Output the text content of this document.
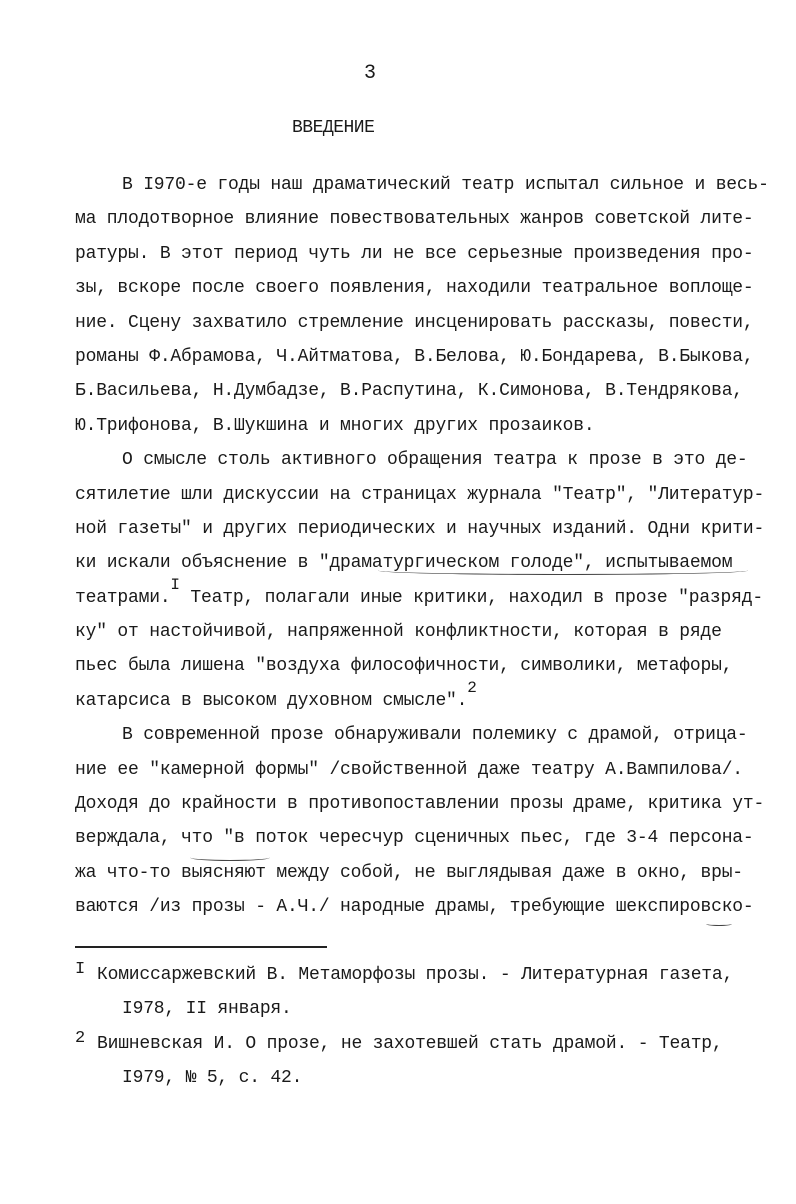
3
ВВЕДЕНИЕ
В I970-е годы наш драматический театр испытал сильное и весь-
ма плодотворное влияние повествовательных жанров советской лите-
ратуры. В этот период чуть ли не все серьезные произведения про-
зы, вскоре после своего появления, находили театральное воплоще-
ние. Сцену захватило стремление инсценировать рассказы, повести,
романы Ф.Абрамова, Ч.Айтматова, В.Белова, Ю.Бондарева, В.Быкова,
Б.Васильева, Н.Думбадзе, В.Распутина, К.Симонова, В.Тендрякова,
Ю.Трифонова, В.Шукшина и многих других прозаиков.
О смысле столь активного обращения театра к прозе в это де-
сятилетие шли дискуссии на страницах журнала "Театр", "Литератур-
ной газеты" и других периодических и научных изданий. Одни крити-
ки искали объяснение в "драматургическом голоде", испытываемом
театрами.$^I$ Театр, полагали иные критики, находил в прозе "разряд-
ку" от настойчивой, напряженной конфликтности, которая в ряде
пьес была лишена "воздуха философичности, символики, метафоры,
катарсиса в высоком духовном смысле".$^2$
В современной прозе обнаруживали полемику с драмой, отрица-
ние ее "камерной формы" /свойственной даже театру А.Вампилова/.
Доходя до крайности в противопоставлении прозы драме, критика ут-
верждала, что "в поток чересчур сценичных пьес, где 3-4 персона-
жа что-то выясняют между собой, не выглядывая даже в окно, вры-
ваются /из прозы - А.Ч./ народные драмы, требующие шекспировско-
I Комиссаржевский В. Метаморфозы прозы. - Литературная газета,
I978, II января.
2 Вишневская И. О прозе, не захотевшей стать драмой. - Театр,
I979, № 5, с. 42.
